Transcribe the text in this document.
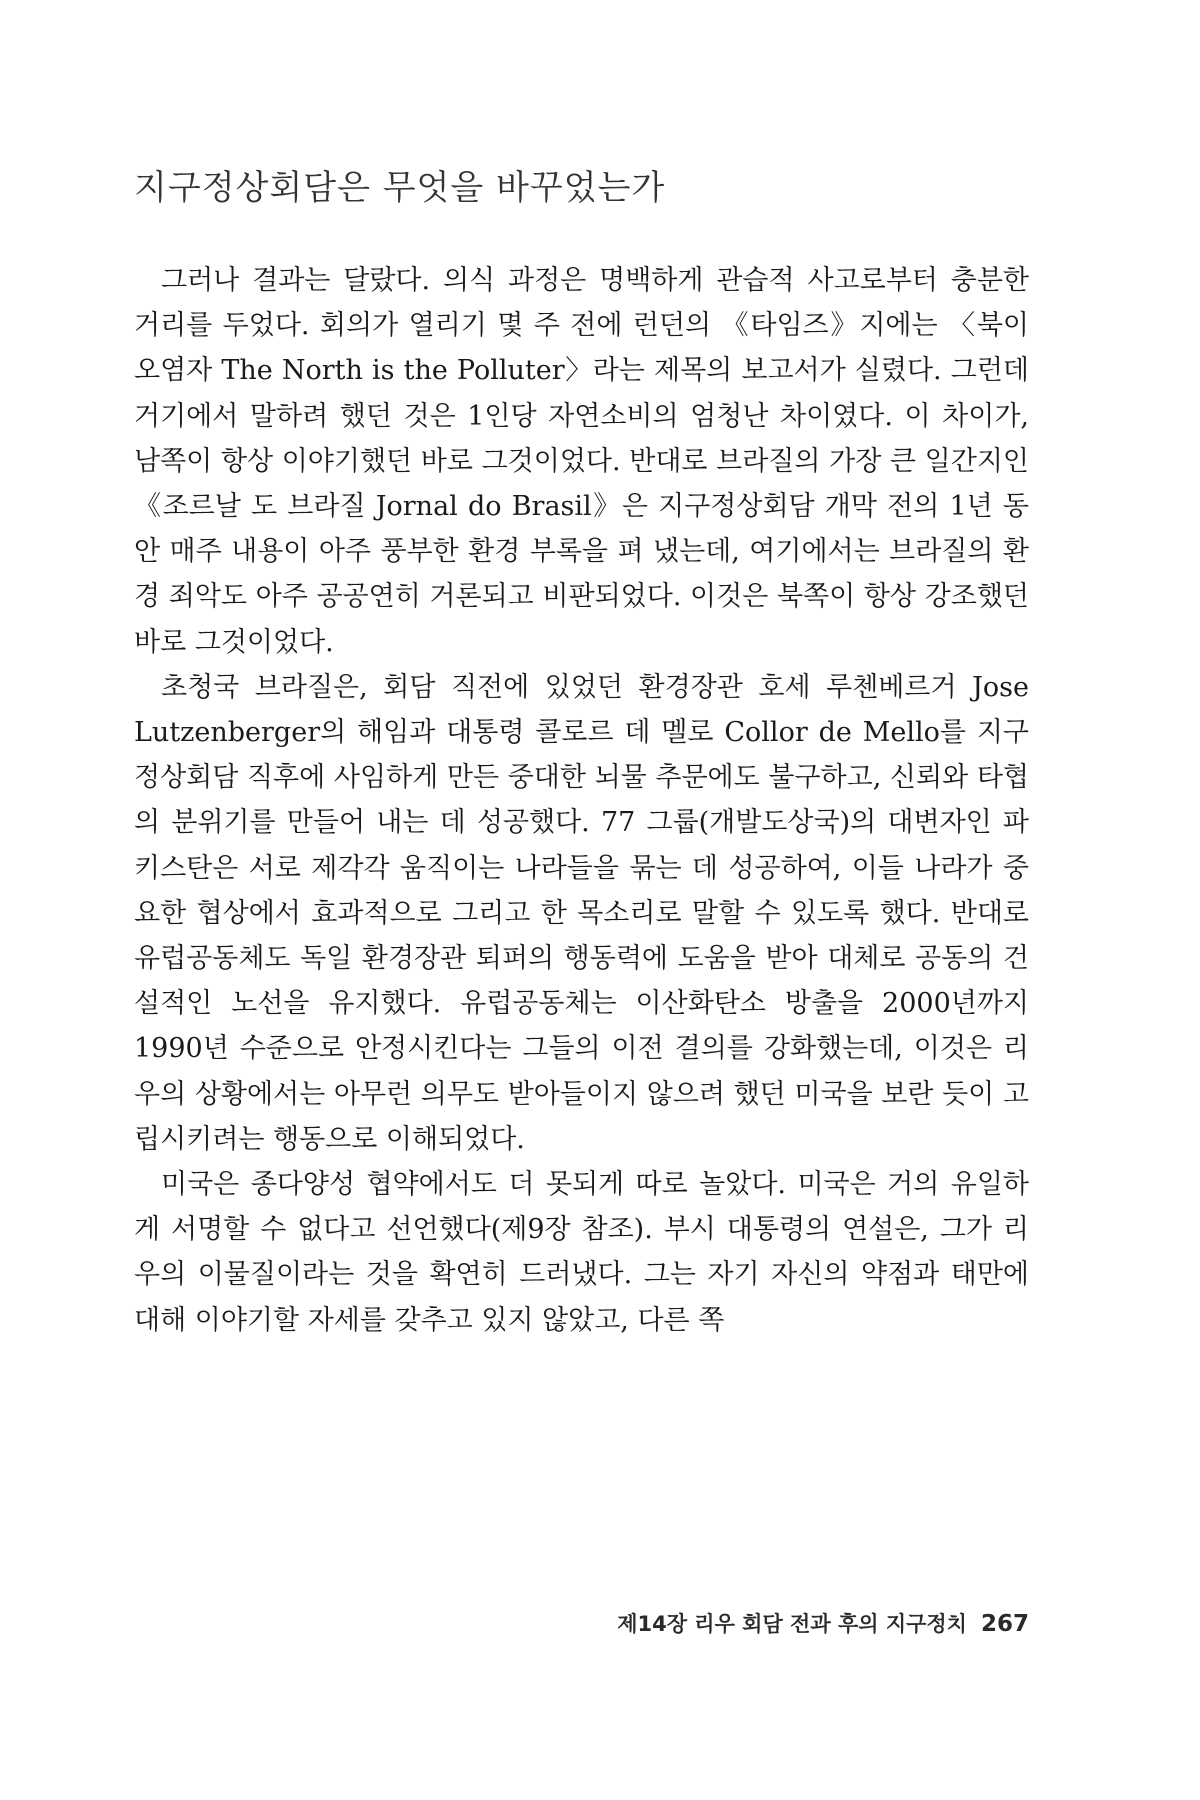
지구정상회담은 무엇을 바꾸었는가

그러나 결과는 달랐다. 의식 과정은 명백하게 관습적 사고로부터 충분한 거리를 두었다. 회의가 열리기 몇 주 전에 런던의 《타임즈》지에는 〈북이 오염자 The North is the Polluter〉라는 제목의 보고서가 실렸다. 그런데 거기에서 말하려 했던 것은 1인당 자연소비의 엄청난 차이였다. 이 차이가, 남쪽이 항상 이야기했던 바로 그것이었다. 반대로 브라질의 가장 큰 일간지인 《조르날 도 브라질 Jornal do Brasil》은 지구정상회담 개막 전의 1년 동안 매주 내용이 아주 풍부한 환경 부록을 펴 냈는데, 여기에서는 브라질의 환경 죄악도 아주 공공연히 거론되고 비판되었다. 이것은 북쪽이 항상 강조했던 바로 그것이었다.

초청국 브라질은, 회담 직전에 있었던 환경장관 호세 루첸베르거 Jose Lutzenberger의 해임과 대통령 콜로르 데 멜로 Collor de Mello를 지구정상회담 직후에 사임하게 만든 중대한 뇌물 추문에도 불구하고, 신뢰와 타협의 분위기를 만들어 내는 데 성공했다. 77 그룹(개발도상국)의 대변자인 파키스탄은 서로 제각각 움직이는 나라들을 묶는 데 성공하여, 이들 나라가 중요한 협상에서 효과적으로 그리고 한 목소리로 말할 수 있도록 했다. 반대로 유럽공동체도 독일 환경장관 퇴퍼의 행동력에 도움을 받아 대체로 공동의 건설적인 노선을 유지했다. 유럽공동체는 이산화탄소 방출을 2000년까지 1990년 수준으로 안정시킨다는 그들의 이전 결의를 강화했는데, 이것은 리우의 상황에서는 아무런 의무도 받아들이지 않으려 했던 미국을 보란 듯이 고립시키려는 행동으로 이해되었다.

미국은 종다양성 협약에서도 더 못되게 따로 놀았다. 미국은 거의 유일하게 서명할 수 없다고 선언했다(제9장 참조). 부시 대통령의 연설은, 그가 리우의 이물질이라는 것을 확연히 드러냈다. 그는 자기 자신의 약점과 태만에 대해 이야기할 자세를 갖추고 있지 않았고, 다른 쪽

제14장 리우 회담 전과 후의 지구정치 267
